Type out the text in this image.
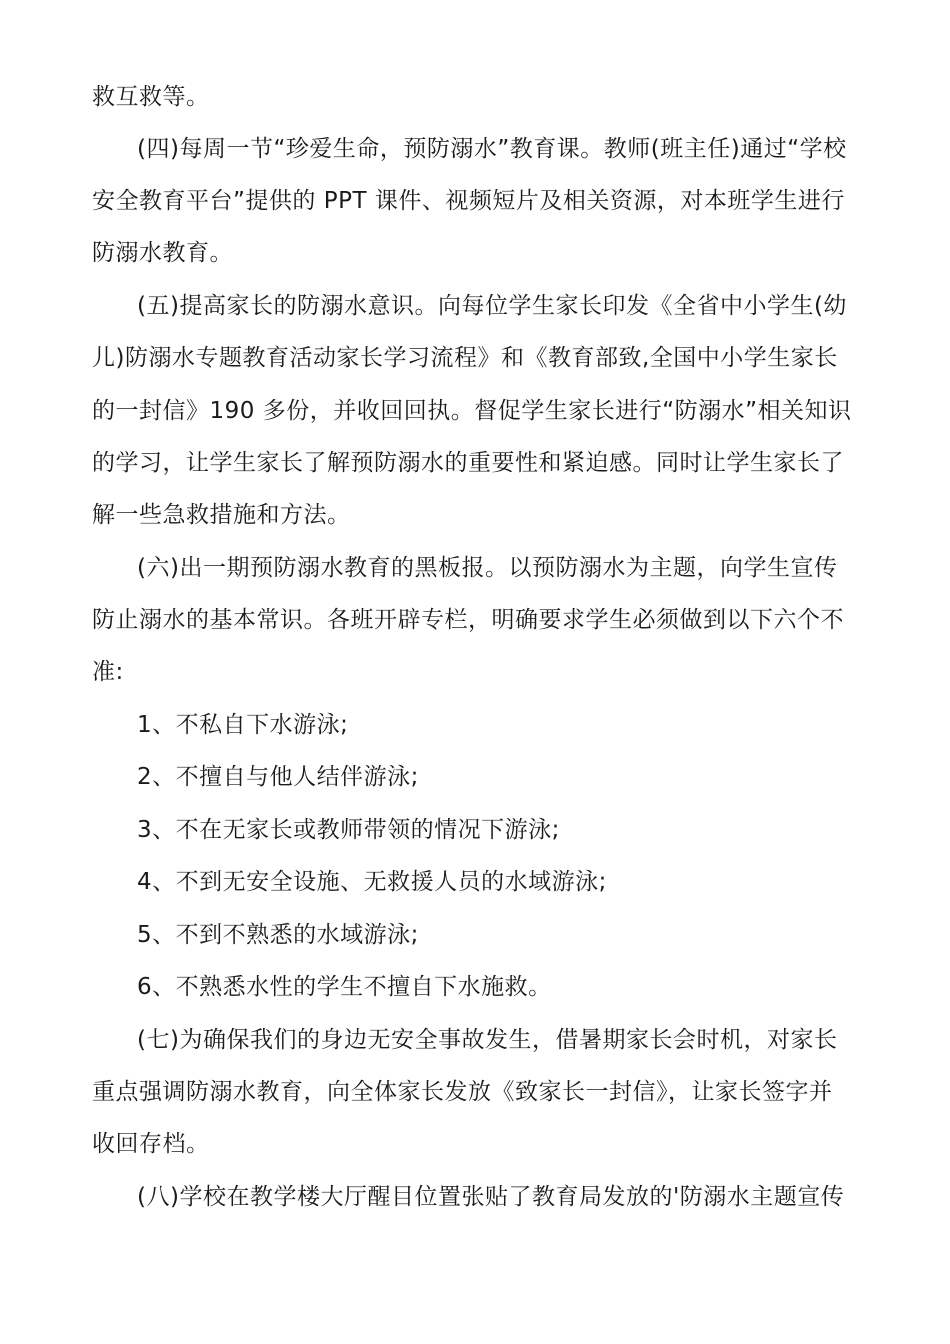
救互救等。
(四)每周一节“珍爱生命，预防溺水”教育课。教师(班主任)通过“学校
安全教育平台”提供的 PPT 课件、视频短片及相关资源，对本班学生进行
防溺水教育。
(五)提高家长的防溺水意识。向每位学生家长印发《全省中小学生(幼
儿)防溺水专题教育活动家长学习流程》和《教育部致,全国中小学生家长
的一封信》190 多份，并收回回执。督促学生家长进行“防溺水”相关知识
的学习，让学生家长了解预防溺水的重要性和紧迫感。同时让学生家长了
解一些急救措施和方法。
(六)出一期预防溺水教育的黑板报。以预防溺水为主题，向学生宣传
防止溺水的基本常识。各班开辟专栏，明确要求学生必须做到以下六个不
准:
1、不私自下水游泳;
2、不擅自与他人结伴游泳;
3、不在无家长或教师带领的情况下游泳;
4、不到无安全设施、无救援人员的水域游泳;
5、不到不熟悉的水域游泳;
6、不熟悉水性的学生不擅自下水施救。
(七)为确保我们的身边无安全事故发生，借暑期家长会时机，对家长
重点强调防溺水教育，向全体家长发放《致家长一封信》，让家长签字并
收回存档。
(八)学校在教学楼大厅醒目位置张贴了教育局发放的'防溺水主题宣传
